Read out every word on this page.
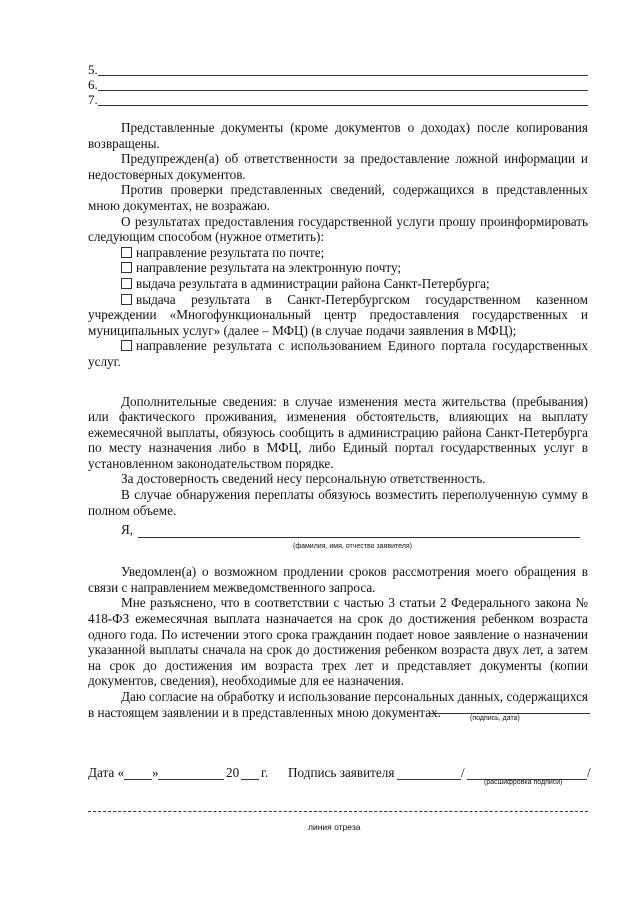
5.
6.
7.

Представленные документы (кроме документов о доходах) после копирования возвращены.

Предупрежден(а) об ответственности за предоставление ложной информации и недостоверных документов.

Против проверки представленных сведений, содержащихся в представленных мною документах, не возражаю.

О результатах предоставления государственной услуги прошу проинформировать следующим способом (нужное отметить):

направление результата по почте;

направление результата на электронную почту;

выдача результата в администрации района Санкт-Петербурга;

выдача результата в Санкт-Петербургском государственном казенном учреждении «Многофункциональный центр предоставления государственных и муниципальных услуг» (далее – МФЦ) (в случае подачи заявления в МФЦ);

направление результата с использованием Единого портала государственных услуг.

Дополнительные сведения: в случае изменения места жительства (пребывания) или фактического проживания, изменения обстоятельств, влияющих на выплату ежемесячной выплаты, обязуюсь сообщить в администрацию района Санкт-Петербурга по месту назначения либо в МФЦ, либо Единый портал государственных услуг в установленном законодательством порядке.

За достоверность сведений несу персональную ответственность.

В случае обнаружения переплаты обязуюсь возместить переполученную сумму в полном объеме.

Я,
(фамилия, имя, отчество заявителя)

Уведомлен(а) о возможном продлении сроков рассмотрения моего обращения в связи с направлением межведомственного запроса.

Мне разъяснено, что в соответствии с частью 3 статьи 2 Федерального закона № 418-ФЗ ежемесячная выплата назначается на срок до достижения ребенком возраста одного года. По истечении этого срока гражданин подает новое заявление о назначении указанной выплаты сначала на срок до достижения ребенком возраста двух лет, а затем на срок до достижения им возраста трех лет и представляет документы (копии документов, сведения), необходимые для ее назначения.

Даю согласие на обработку и использование персональных данных, содержащихся в настоящем заявлении и в представленных мною документах.	(подпись, дата)
Дата « »	20 г. Подпись заявителя	/	/
(расшифровка подписи)
линия отреза
